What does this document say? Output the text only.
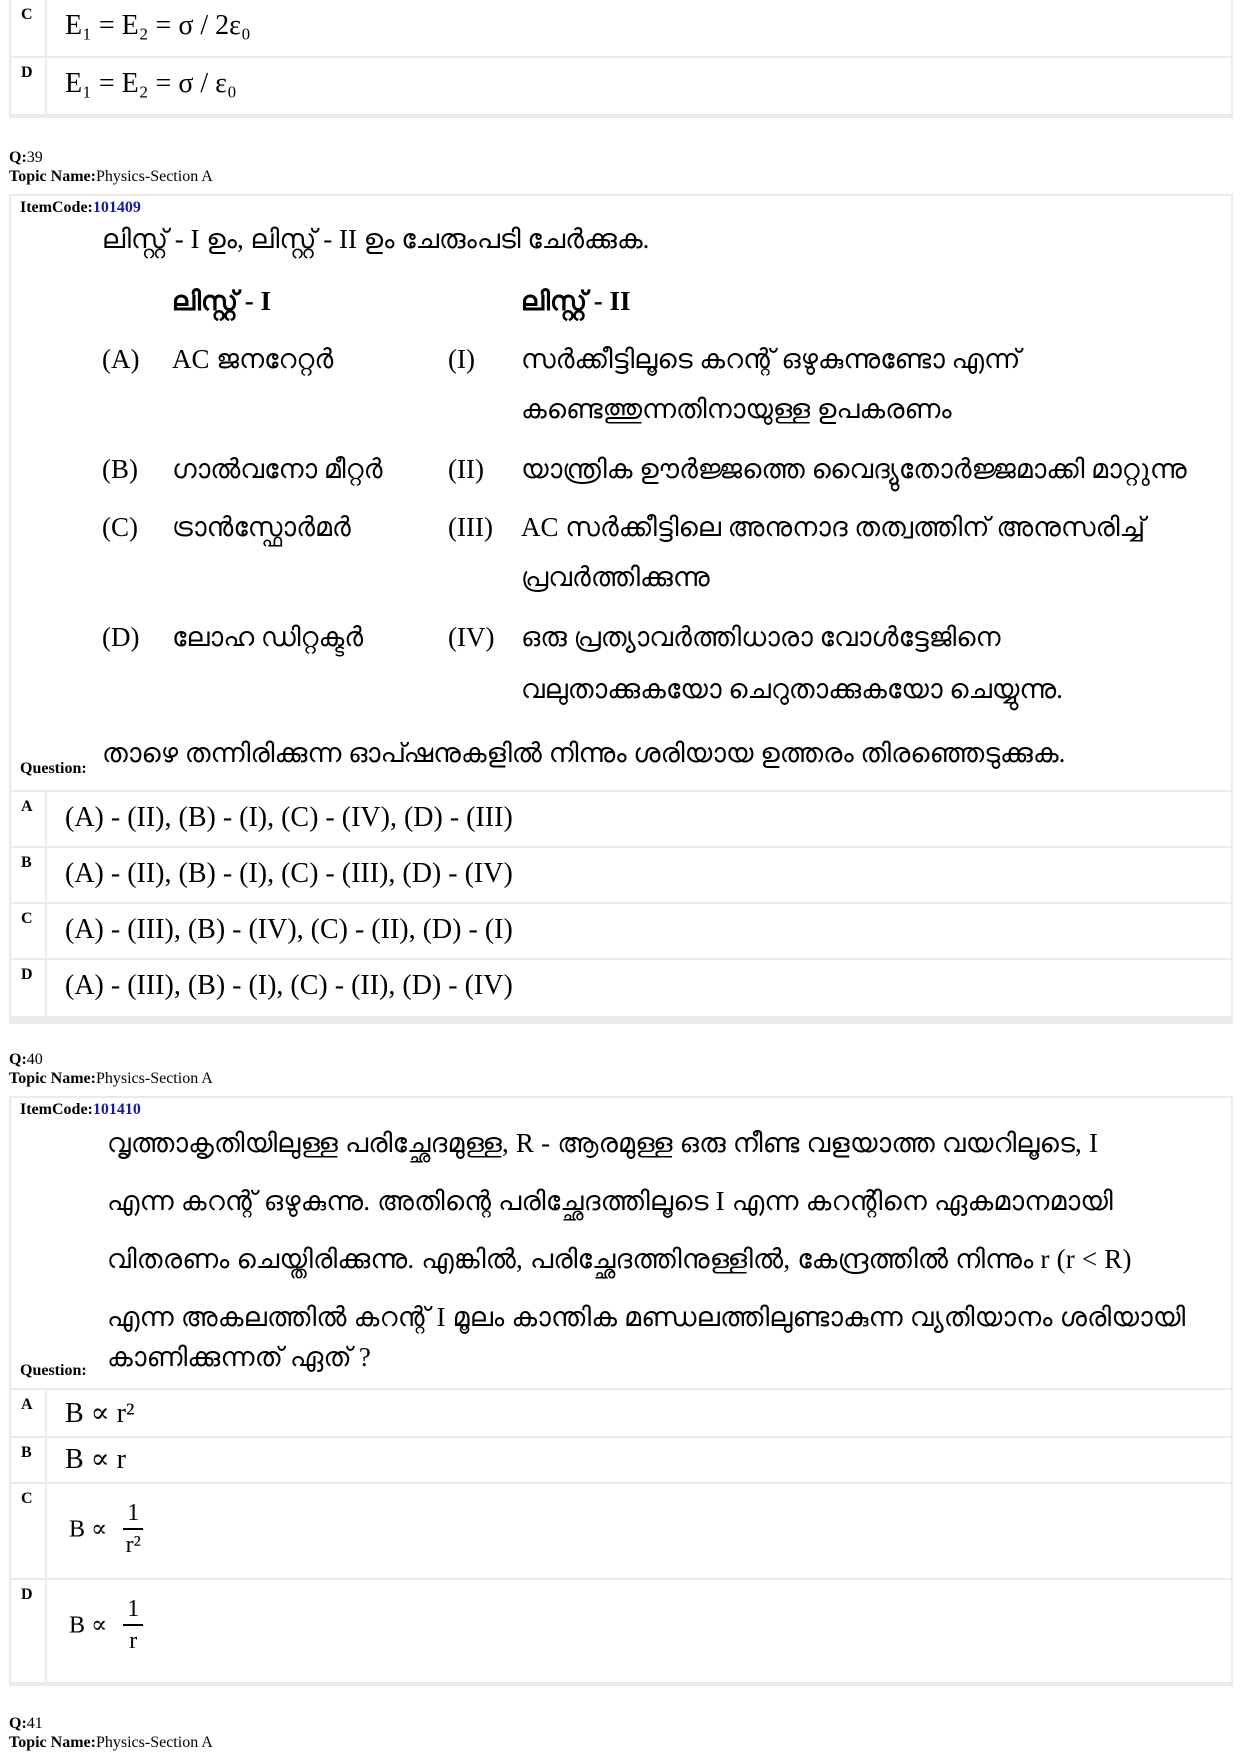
C E₁ = E₂ = σ / 2ε₀
D E₁ = E₂ = σ / ε₀
Q:39
Topic Name:Physics-Section A
ItemCode:101409
ലിസ്റ്റ് - I ഉം, ലിസ്റ്റ് - II ഉം ചേരുംപടി ചേർക്കുക.
ലിസ്റ്റ് - I	ലിസ്റ്റ് - II
(A) AC ജനറേറ്റർ	(I) സർക്കീട്ടിലൂടെ കറന്റ് ഒഴുകുന്നുണ്ടോ എന്ന്
കണ്ടെത്തുന്നതിനായുള്ള ഉപകരണം
(B) ഗാൽവനോ മീറ്റർ (II) യാന്ത്രിക ഊർജ്ജത്തെ വൈദ്യുതോർജ്ജമാക്കി മാറ്റുന്നു
(C) ട്രാൻസ്ഫോർമർ	(III) AC സർക്കീട്ടിലെ അനുനാദ തത്വത്തിന് അനുസരിച്ച്
പ്രവർത്തിക്കുന്നു
(D) ലോഹ ഡിറ്റക്ടർ	(IV) ഒരു പ്രത്യാവർത്തിധാരാ വോൾട്ടേജിനെ
വലുതാക്കുകയോ ചെറുതാക്കുകയോ ചെയ്യുന്നു.
Question:
താഴെ തന്നിരിക്കുന്ന ഓപ്ഷനുകളിൽ നിന്നും ശരിയായ ഉത്തരം തിരഞ്ഞെടുക്കുക.
A (A) - (II), (B) - (I), (C) - (IV), (D) - (III)
B (A) - (II), (B) - (I), (C) - (III), (D) - (IV)
C (A) - (III), (B) - (IV), (C) - (II), (D) - (I)
D (A) - (III), (B) - (I), (C) - (II), (D) - (IV)
Q:40
Topic Name:Physics-Section A
ItemCode:101410
വൃത്താകൃതിയിലുള്ള പരിച്ഛേദമുള്ള, R - ആരമുള്ള ഒരു നീണ്ട വളയാത്ത വയറിലൂടെ, I
എന്ന കറന്റ് ഒഴുകുന്നു. അതിന്റെ പരിച്ഛേദത്തിലൂടെ I എന്ന കറന്റിനെ ഏകമാനമായി
വിതരണം ചെയ്തിരിക്കുന്നു. എങ്കിൽ, പരിച്ഛേദത്തിനുള്ളിൽ, കേന്ദ്രത്തിൽ നിന്നും r (r < R)
എന്ന അകലത്തിൽ കറന്റ് I മൂലം കാന്തിക മണ്ഡലത്തിലുണ്ടാകുന്ന വ്യതിയാനം ശരിയായി
Question: കാണിക്കുന്നത് ഏത് ?
A B ∝ r²
B B ∝ r
C
$B \propto \frac{1}{\text{r²}}$
D
$B \propto \frac{1}{r}$
Q:41
Topic Name:Physics-Section A
